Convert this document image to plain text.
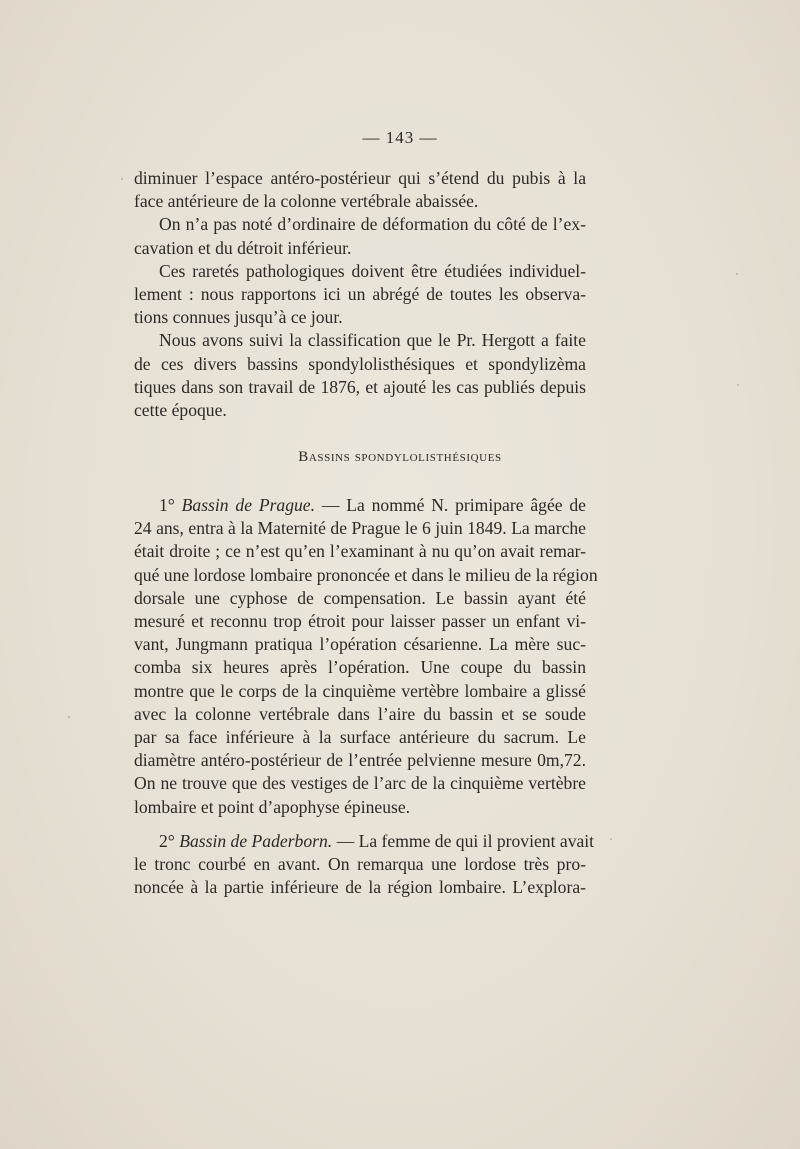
— 143 —

diminuer l’espace antéro-postérieur qui s’étend du pubis à la
face antérieure de la colonne vertébrale abaissée.

On n’a pas noté d’ordinaire de déformation du côté de l’ex-
cavation et du détroit inférieur.

Ces raretés pathologiques doivent être étudiées individuel-
lement : nous rapportons ici un abrégé de toutes les observa-
tions connues jusqu’à ce jour.

Nous avons suivi la classification que le Pr. Hergott a faite
de ces divers bassins spondylolisthésiques et spondylizèma
tiques dans son travail de 1876, et ajouté les cas publiés depuis
cette époque.

Bassins spondylolisthésiques

1° Bassin de Prague. — La nommé N. primipare âgée de
24 ans, entra à la Maternité de Prague le 6 juin 1849. La marche
était droite ; ce n’est qu’en l’examinant à nu qu’on avait remar-
qué une lordose lombaire prononcée et dans le milieu de la région
dorsale une cyphose de compensation. Le bassin ayant été
mesuré et reconnu trop étroit pour laisser passer un enfant vi-
vant, Jungmann pratiqua l’opération césarienne. La mère suc-
comba six heures après l’opération. Une coupe du bassin
montre que le corps de la cinquième vertèbre lombaire a glissé
avec la colonne vertébrale dans l’aire du bassin et se soude
par sa face inférieure à la surface antérieure du sacrum. Le
diamètre antéro-postérieur de l’entrée pelvienne mesure 0m,72.
On ne trouve que des vestiges de l’arc de la cinquième vertèbre
lombaire et point d’apophyse épineuse.

2° Bassin de Paderborn. — La femme de qui il provient avait
le tronc courbé en avant. On remarqua une lordose très pro-
noncée à la partie inférieure de la région lombaire. L’explora-
